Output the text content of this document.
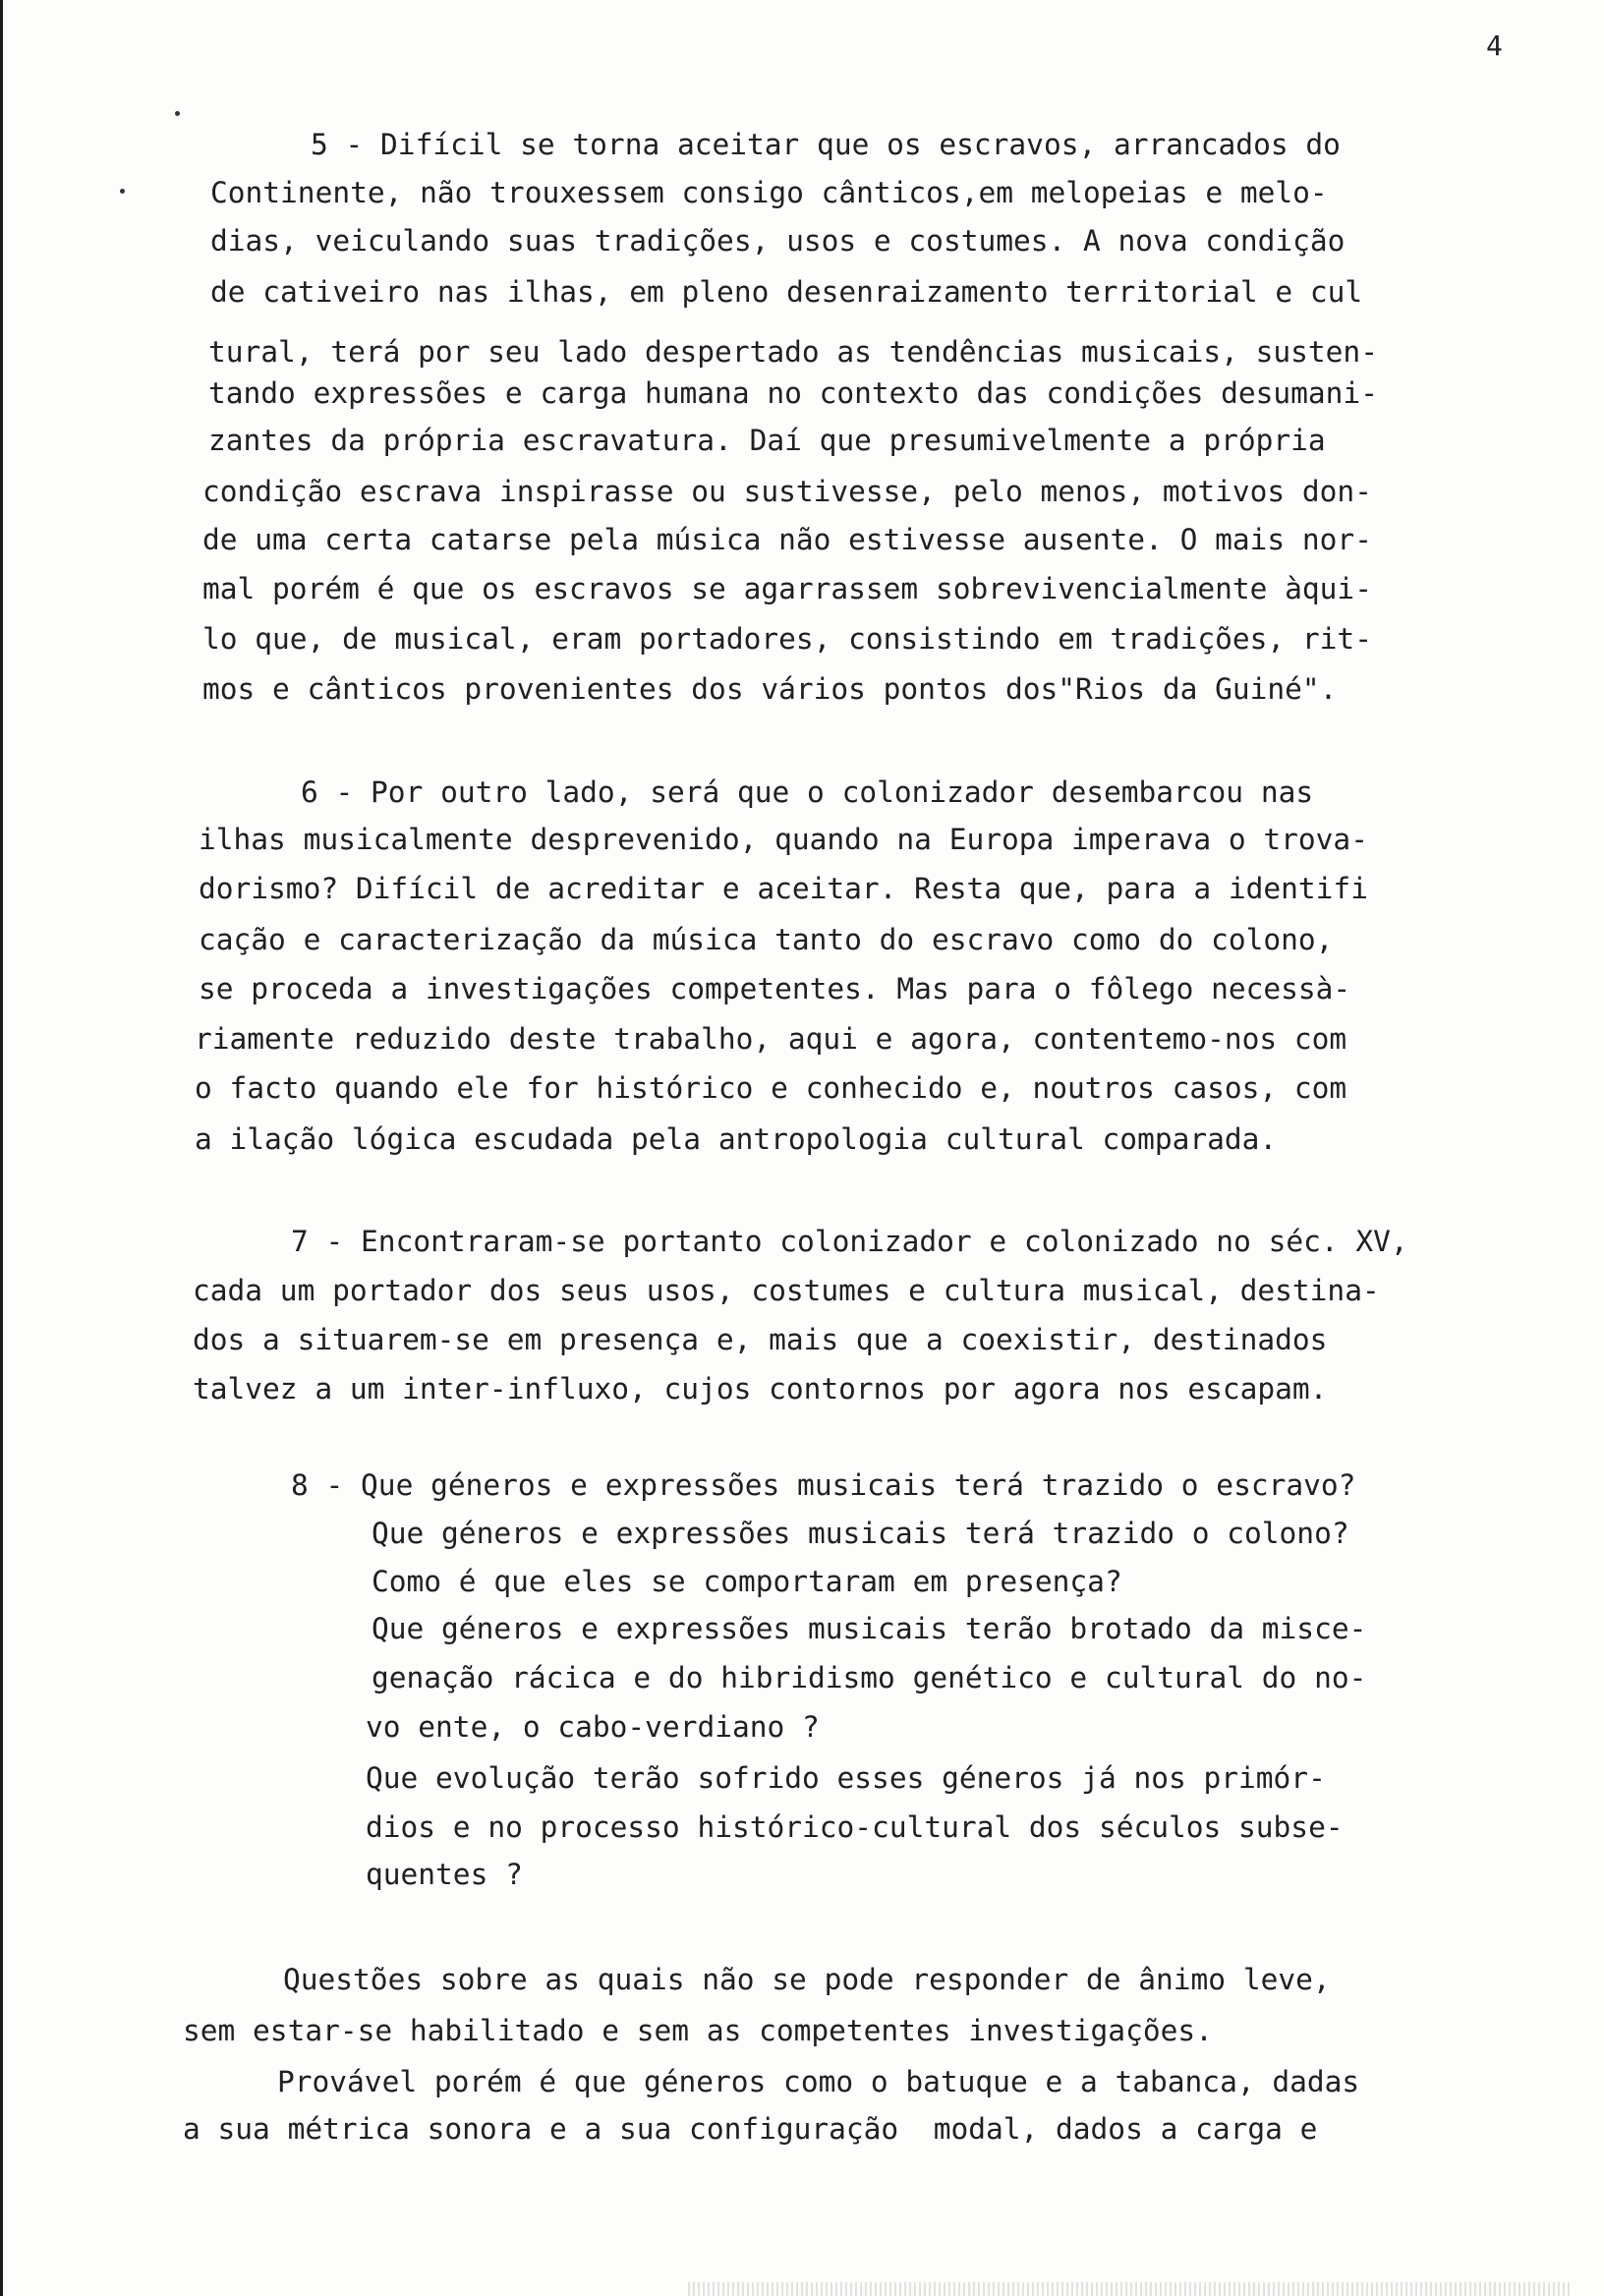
4

5 - Difícil se torna aceitar que os escravos, arrancados do

Continente, não trouxessem consigo cânticos,em melopeias e melo-

dias, veiculando suas tradições, usos e costumes. A nova condição

de cativeiro nas ilhas, em pleno desenraizamento territorial e cul

tural, terá por seu lado despertado as tendências musicais, susten-

tando expressões e carga humana no contexto das condições desumani-

zantes da própria escravatura. Daí que presumivelmente a própria

condição escrava inspirasse ou sustivesse, pelo menos, motivos don-

de uma certa catarse pela música não estivesse ausente. O mais nor-

mal porém é que os escravos se agarrassem sobrevivencialmente àqui-

lo que, de musical, eram portadores, consistindo em tradições, rit-

mos e cânticos provenientes dos vários pontos dos"Rios da Guiné".

6 - Por outro lado, será que o colonizador desembarcou nas

ilhas musicalmente desprevenido, quando na Europa imperava o trova-

dorismo? Difícil de acreditar e aceitar. Resta que, para a identifi

cação e caracterização da música tanto do escravo como do colono,

se proceda a investigações competentes. Mas para o fôlego necessà-

riamente reduzido deste trabalho, aqui e agora, contentemo-nos com

o facto quando ele for histórico e conhecido e, noutros casos, com

a ilação lógica escudada pela antropologia cultural comparada.

7 - Encontraram-se portanto colonizador e colonizado no séc. XV,

cada um portador dos seus usos, costumes e cultura musical, destina-

dos a situarem-se em presença e, mais que a coexistir, destinados

talvez a um inter-influxo, cujos contornos por agora nos escapam.

8 - Que géneros e expressões musicais terá trazido o escravo?

Que géneros e expressões musicais terá trazido o colono?

Como é que eles se comportaram em presença?

Que géneros e expressões musicais terão brotado da misce-

genação rácica e do hibridismo genético e cultural do no-

vo ente, o cabo-verdiano ?

Que evolução terão sofrido esses géneros já nos primór-

dios e no processo histórico-cultural dos séculos subse-

quentes ?

Questões sobre as quais não se pode responder de ânimo leve,

sem estar-se habilitado e sem as competentes investigações.

Provável porém é que géneros como o batuque e a tabanca, dadas

a sua métrica sonora e a sua configuração  modal, dados a carga e
